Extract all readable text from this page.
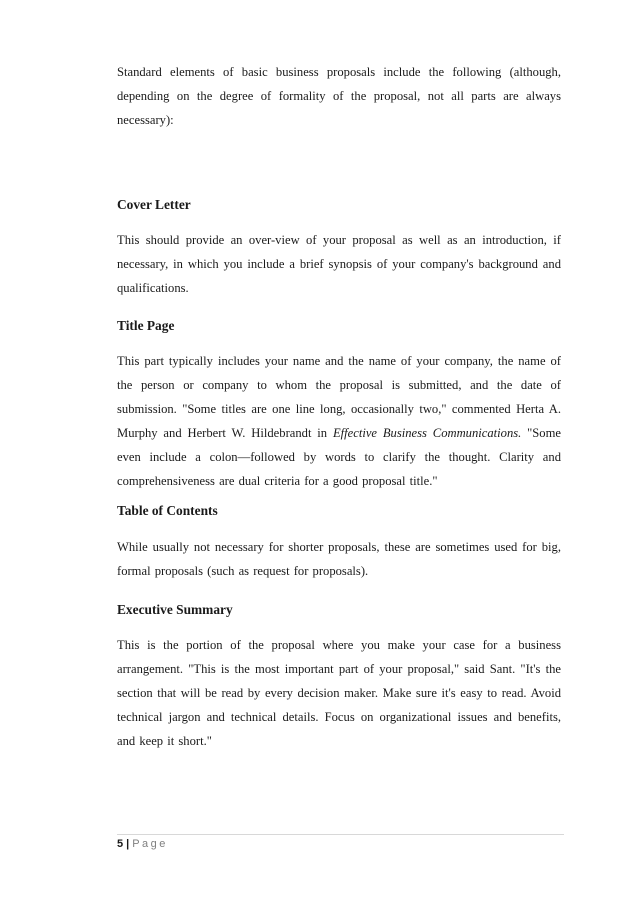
Standard elements of basic business proposals include the following (although, depending on the degree of formality of the proposal, not all parts are always necessary):

Cover Letter

This should provide an over-view of your proposal as well as an introduction, if necessary, in which you include a brief synopsis of your company's background and qualifications.

Title Page

This part typically includes your name and the name of your company, the name of the person or company to whom the proposal is submitted, and the date of submission. "Some titles are one line long, occasionally two," commented Herta A. Murphy and Herbert W. Hildebrandt in Effective Business Communications. "Some even include a colon—followed by words to clarify the thought. Clarity and comprehensiveness are dual criteria for a good proposal title."

Table of Contents

While usually not necessary for shorter proposals, these are sometimes used for big, formal proposals (such as request for proposals).

Executive Summary

This is the portion of the proposal where you make your case for a business arrangement. "This is the most important part of your proposal," said Sant. "It's the section that will be read by every decision maker. Make sure it's easy to read. Avoid technical jargon and technical details. Focus on organizational issues and benefits, and keep it short."

5 | Page
